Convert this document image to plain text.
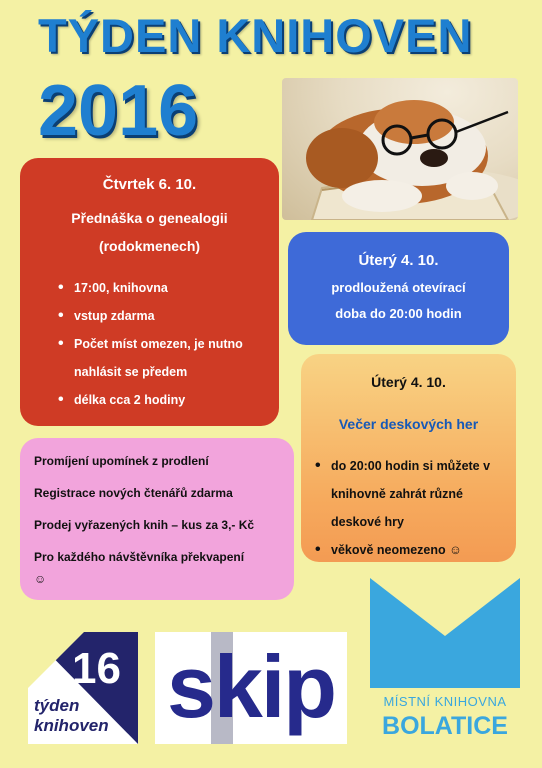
TÝDEN KNIHOVEN
2016
Čtvrtek 6. 10.
Přednáška o genealogii
(rodokmenech)
• 17:00, knihovna
• vstup zdarma
• Počet míst omezen, je nutno nahlásit se předem
• délka cca 2 hodiny
Úterý 4. 10.
prodloužená otevírací
doba do 20:00 hodin
Úterý 4. 10.
Večer deskových her
• do 20:00 hodin si můžete v knihovně zahrát různé deskové hry
• věkově neomezeno ☺
Promíjení upomínek z prodlení
Registrace nových čtenářů zdarma
Prodej vyřazených knih – kus za 3,- Kč
Pro každého návštěvníka překvapení
☺
16
týden
knihoven skip	MÍSTNÍ KNIHOVNA
BOLATICE
